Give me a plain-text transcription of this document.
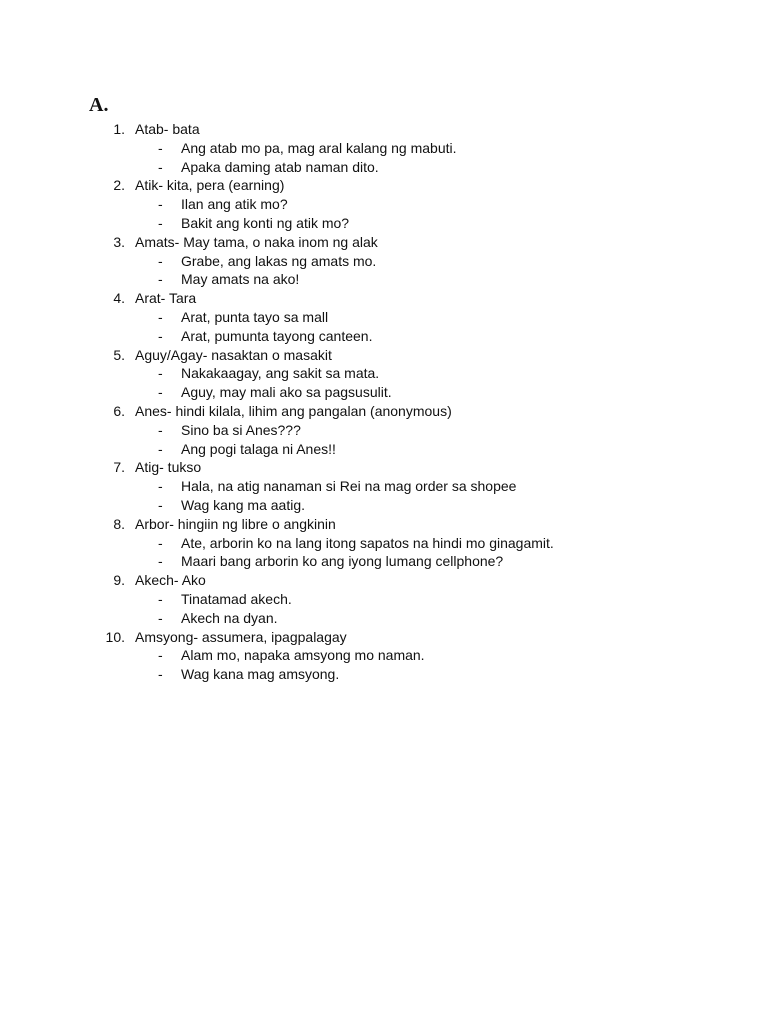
A.
1. Atab- bata
- Ang atab mo pa, mag aral kalang ng mabuti.
- Apaka daming atab naman dito.
2. Atik- kita, pera (earning)
- Ilan ang atik mo?
- Bakit ang konti ng atik mo?
3. Amats- May tama, o naka inom ng alak
- Grabe, ang lakas ng amats mo.
- May amats na ako!
4. Arat- Tara
- Arat, punta tayo sa mall
- Arat, pumunta tayong canteen.
5. Aguy/Agay- nasaktan o masakit
- Nakakaagay, ang sakit sa mata.
- Aguy, may mali ako sa pagsusulit.
6. Anes- hindi kilala, lihim ang pangalan (anonymous)
- Sino ba si Anes???
- Ang pogi talaga ni Anes!!
7. Atig- tukso
- Hala, na atig nanaman si Rei na mag order sa shopee
- Wag kang ma aatig.
8. Arbor- hingiin ng libre o angkinin
- Ate, arborin ko na lang itong sapatos na hindi mo ginagamit.
- Maari bang arborin ko ang iyong lumang cellphone?
9. Akech- Ako
- Tinatamad akech.
- Akech na dyan.
10. Amsyong- assumera, ipagpalagay
- Alam mo, napaka amsyong mo naman.
- Wag kana mag amsyong.
